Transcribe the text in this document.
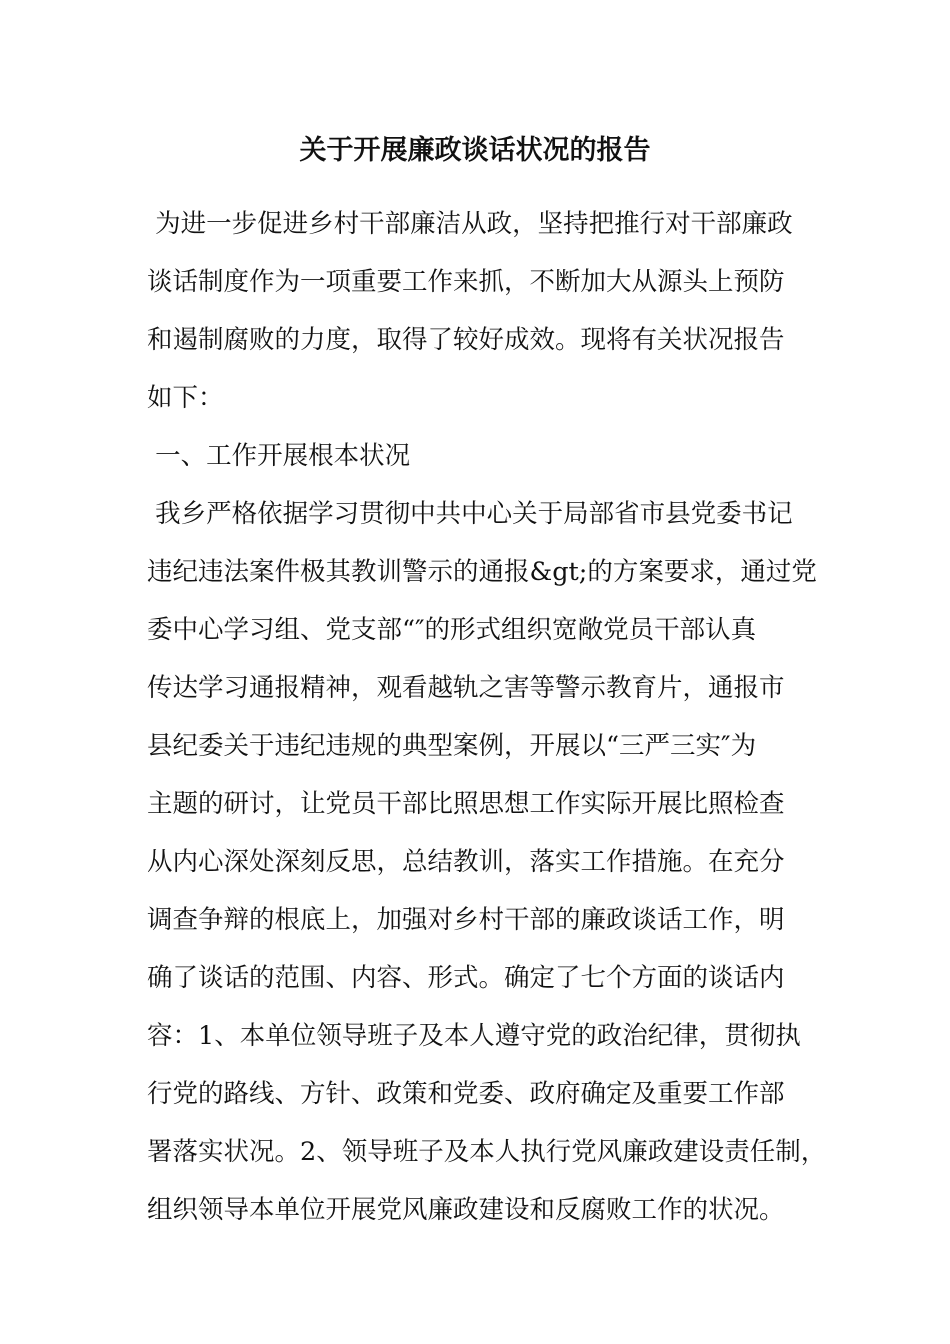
关于开展廉政谈话状况的报告
为进一步促进乡村干部廉洁从政，坚持把推行对干部廉政
谈话制度作为一项重要工作来抓，不断加大从源头上预防
和遏制腐败的力度，取得了较好成效。现将有关状况报告
如下：
一、工作开展根本状况
我乡严格依据学习贯彻中共中心关于局部省市县党委书记
违纪违法案件极其教训警示的通报&gt;的方案要求，通过党
委中心学习组、党支部“″的形式组织宽敞党员干部认真
传达学习通报精神，观看越轨之害等警示教育片，通报市
县纪委关于违纪违规的典型案例，开展以“三严三实″为
主题的研讨，让党员干部比照思想工作实际开展比照检查
从内心深处深刻反思，总结教训，落实工作措施。在充分
调查争辩的根底上，加强对乡村干部的廉政谈话工作，明
确了谈话的范围、内容、形式。确定了七个方面的谈话内
容：1、本单位领导班子及本人遵守党的政治纪律，贯彻执
行党的路线、方针、政策和党委、政府确定及重要工作部
署落实状况。2、领导班子及本人执行党风廉政建设责任制，
组织领导本单位开展党风廉政建设和反腐败工作的状况。
